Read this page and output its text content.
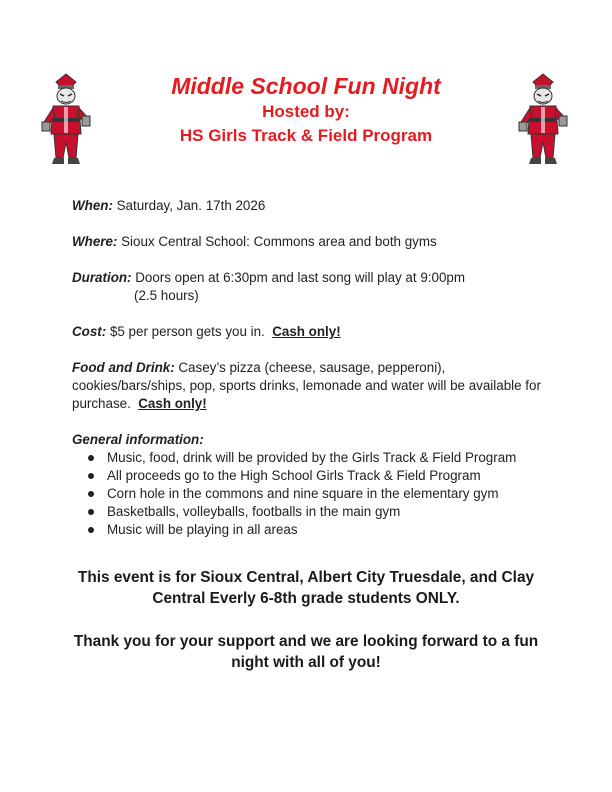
Middle School Fun Night
Hosted by:
HS Girls Track & Field Program

When: Saturday, Jan. 17th 2026

Where: Sioux Central School: Commons area and both gyms

Duration: Doors open at 6:30pm and last song will play at 9:00pm
(2.5 hours)

Cost: $5 per person gets you in.  Cash only!

Food and Drink: Casey’s pizza (cheese, sausage, pepperoni), cookies/bars/ships, pop, sports drinks, lemonade and water will be available for purchase.  Cash only!

General information:
Music, food, drink will be provided by the Girls Track & Field Program
All proceeds go to the High School Girls Track & Field Program
Corn hole in the commons and nine square in the elementary gym
Basketballs, volleyballs, footballs in the main gym
Music will be playing in all areas
This event is for Sioux Central, Albert City Truesdale, and Clay Central Everly 6-8th grade students ONLY.
Thank you for your support and we are looking forward to a fun night with all of you!
